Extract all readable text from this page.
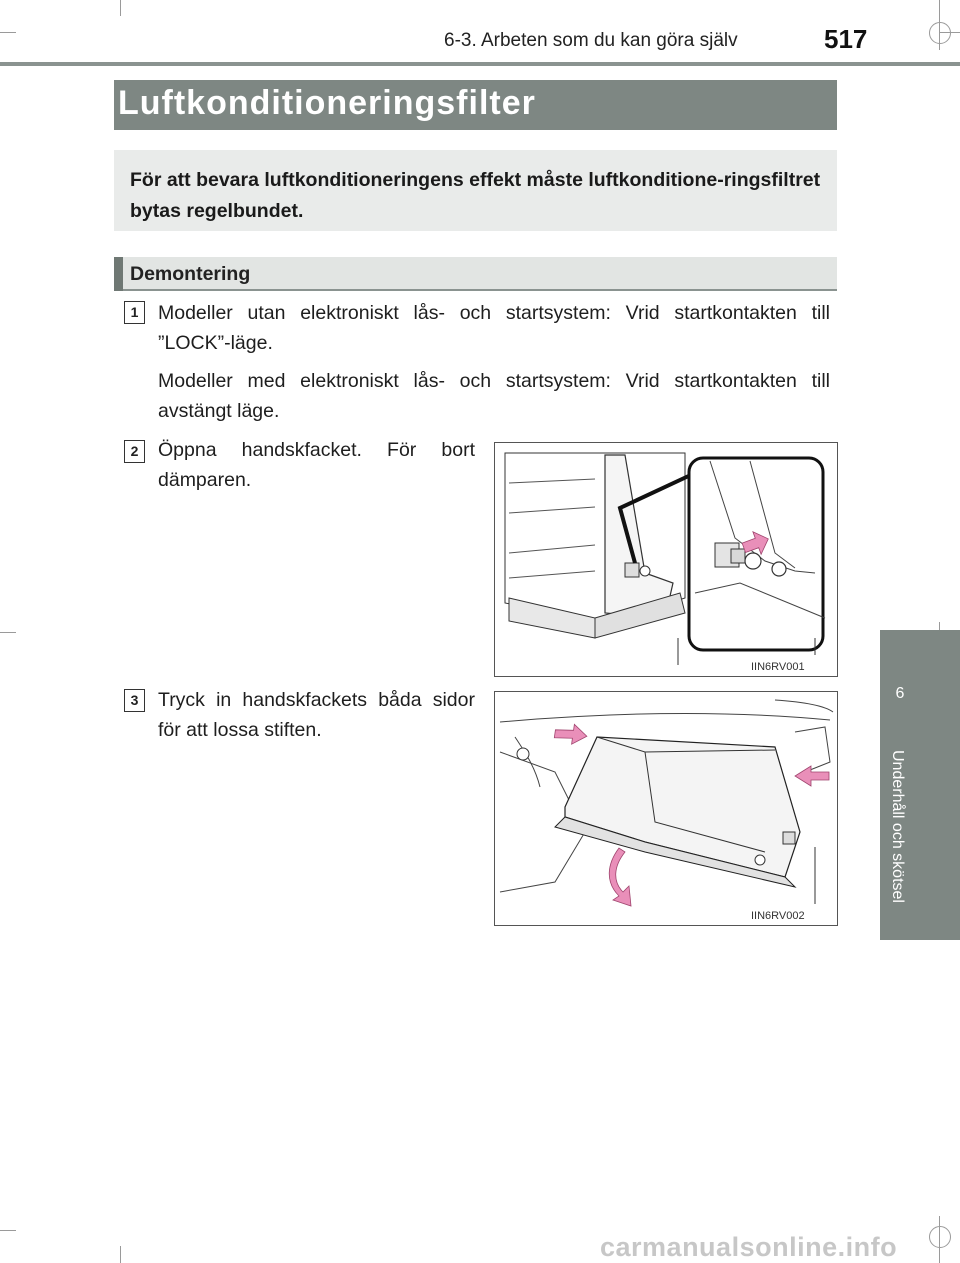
6-3. Arbeten som du kan göra själv	517
Luftkonditioneringsfilter
För att bevara luftkonditioneringens effekt måste luftkonditione-ringsfiltret bytas regelbundet.
Demontering
1	Modeller utan elektroniskt lås- och startsystem: Vrid startkontakten till ”LOCK”-läge.
Modeller med elektroniskt lås- och startsystem: Vrid startkontakten till avstängt läge.
2	Öppna handskfacket. För bort dämparen.
IIN6RV001
3	Tryck in handskfackets båda sidor för att lossa stiften.
IIN6RV002
6
Underhåll och skötsel
carmanualsonline.info
